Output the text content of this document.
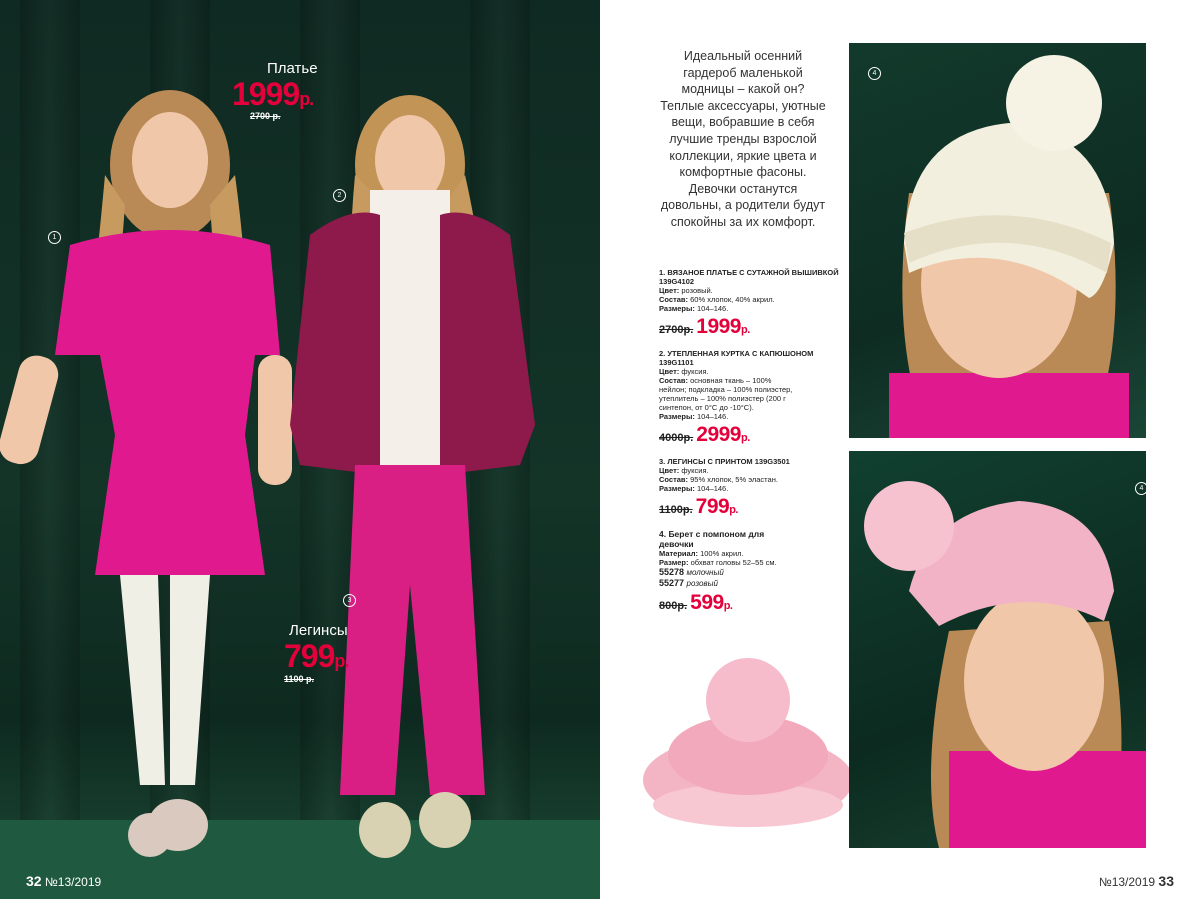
1
2
3
Платье
1999р.
2700 р.
Легинсы
799р.
1100 р.
32 №13/2019
Идеальный осенний гардероб маленькой модницы – какой он? Теплые аксессуары, уютные вещи, вобравшие в себя лучшие тренды взрослой коллекции, яркие цвета и комфортные фасоны. Девочки останутся довольны, а родители будут спокойны за их комфорт.
1. ВЯЗАНОЕ ПЛАТЬЕ С СУТАЖНОЙ ВЫШИВКОЙ 139G4102
Цвет: розовый.
Состав: 60% хлопок, 40% акрил.
Размеры: 104–146.
2700р. 1999р.
2. УТЕПЛЕННАЯ КУРТКА С КАПЮШОНОМ 139G1101
Цвет: фуксия.
Состав: основная ткань – 100% нейлон; подкладка – 100% полиэстер, утеплитель – 100% полиэстер (200 г синтепон, от 0°С до -10°С).
Размеры: 104–146.
4000р. 2999р.
3. ЛЕГИНСЫ С ПРИНТОМ 139G3501
Цвет: фуксия.
Состав: 95% хлопок, 5% эластан.
Размеры: 104–146.
1100р. 799р.
4. Берет с помпоном для девочки
Материал: 100% акрил.
Размер: обхват головы 52–55 см.
55278 молочный
55277 розовый
800р. 599р.
4
4
№13/2019 33
